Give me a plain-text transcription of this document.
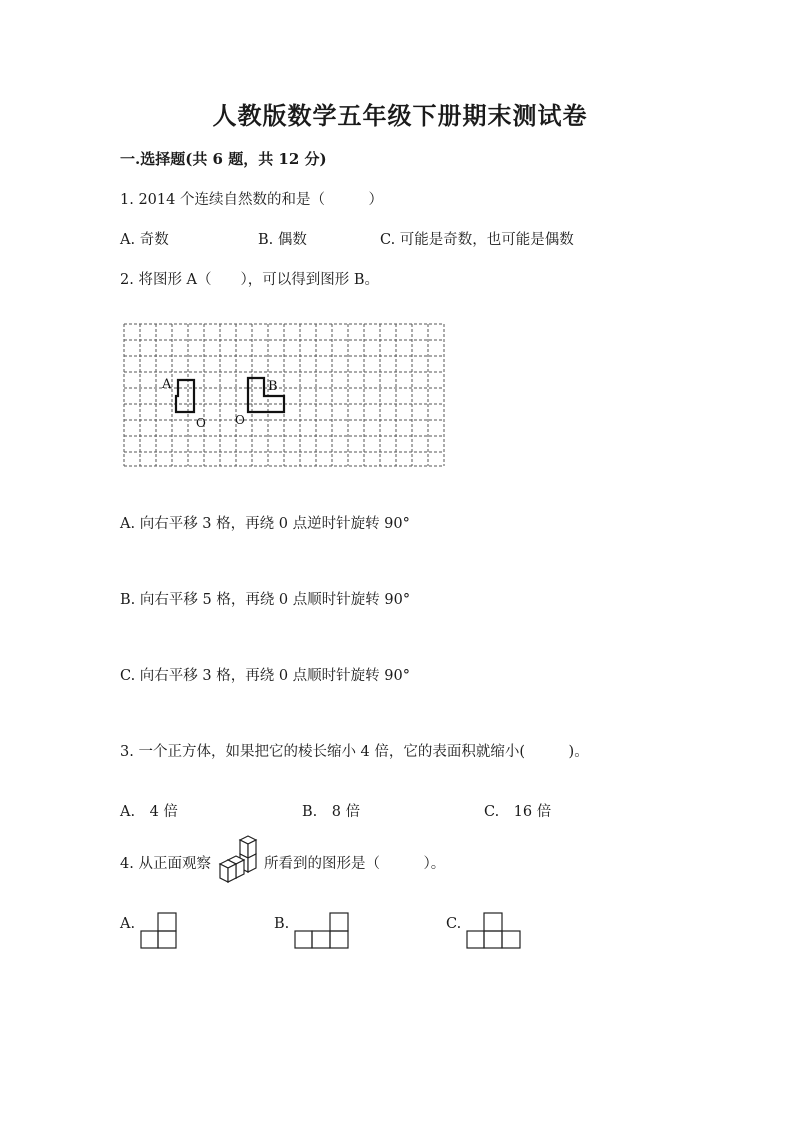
人教版数学五年级下册期末测试卷
一.选择题(共 6 题，共 12 分)
1. 2014 个连续自然数的和是（　　　）
A. 奇数	B. 偶数	C. 可能是奇数，也可能是偶数
2. 将图形 A（　　），可以得到图形 B。
A	B
O O
A. 向右平移 3 格，再绕 0 点逆时针旋转 90°
B. 向右平移 5 格，再绕 0 点顺时针旋转 90°
C. 向右平移 3 格，再绕 0 点顺时针旋转 90°
3. 一个正方体，如果把它的棱长缩小 4 倍，它的表面积就缩小(　　　)。
A.　4 倍	B.　8 倍	C.　16 倍
4. 从正面观察	所看到的图形是（　　　）。
A.	B.	C.
